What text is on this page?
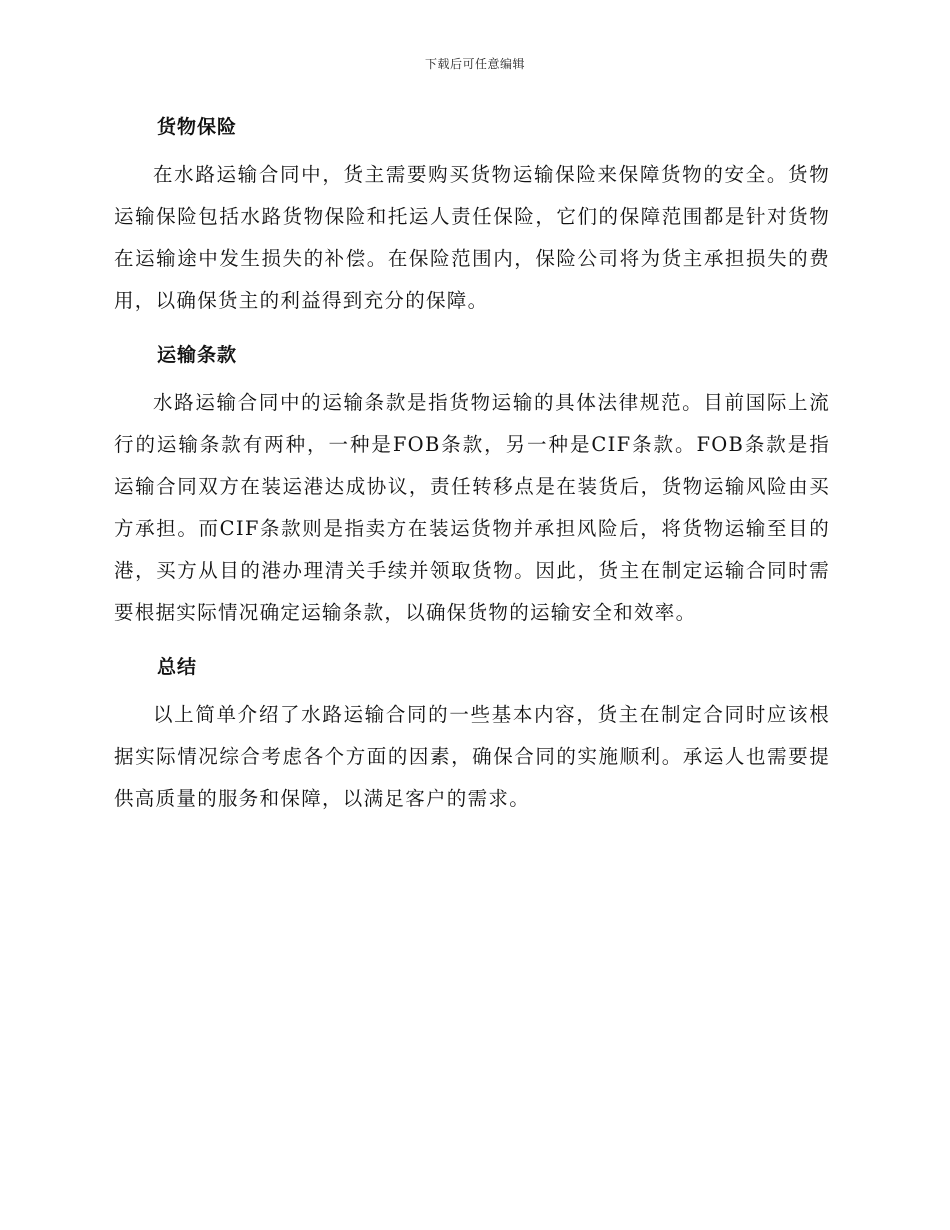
下载后可任意编辑
货物保险

在水路运输合同中，货主需要购买货物运输保险来保障货物的安全。货物运输保险包括水路货物保险和托运人责任保险，它们的保障范围都是针对货物在运输途中发生损失的补偿。在保险范围内，保险公司将为货主承担损失的费用，以确保货主的利益得到充分的保障。

运输条款

水路运输合同中的运输条款是指货物运输的具体法律规范。目前国际上流行的运输条款有两种，一种是FOB条款，另一种是CIF条款。FOB条款是指运输合同双方在装运港达成协议，责任转移点是在装货后，货物运输风险由买方承担。而CIF条款则是指卖方在装运货物并承担风险后，将货物运输至目的港，买方从目的港办理清关手续并领取货物。因此，货主在制定运输合同时需要根据实际情况确定运输条款，以确保货物的运输安全和效率。

总结

以上简单介绍了水路运输合同的一些基本内容，货主在制定合同时应该根据实际情况综合考虑各个方面的因素，确保合同的实施顺利。承运人也需要提供高质量的服务和保障，以满足客户的需求。
